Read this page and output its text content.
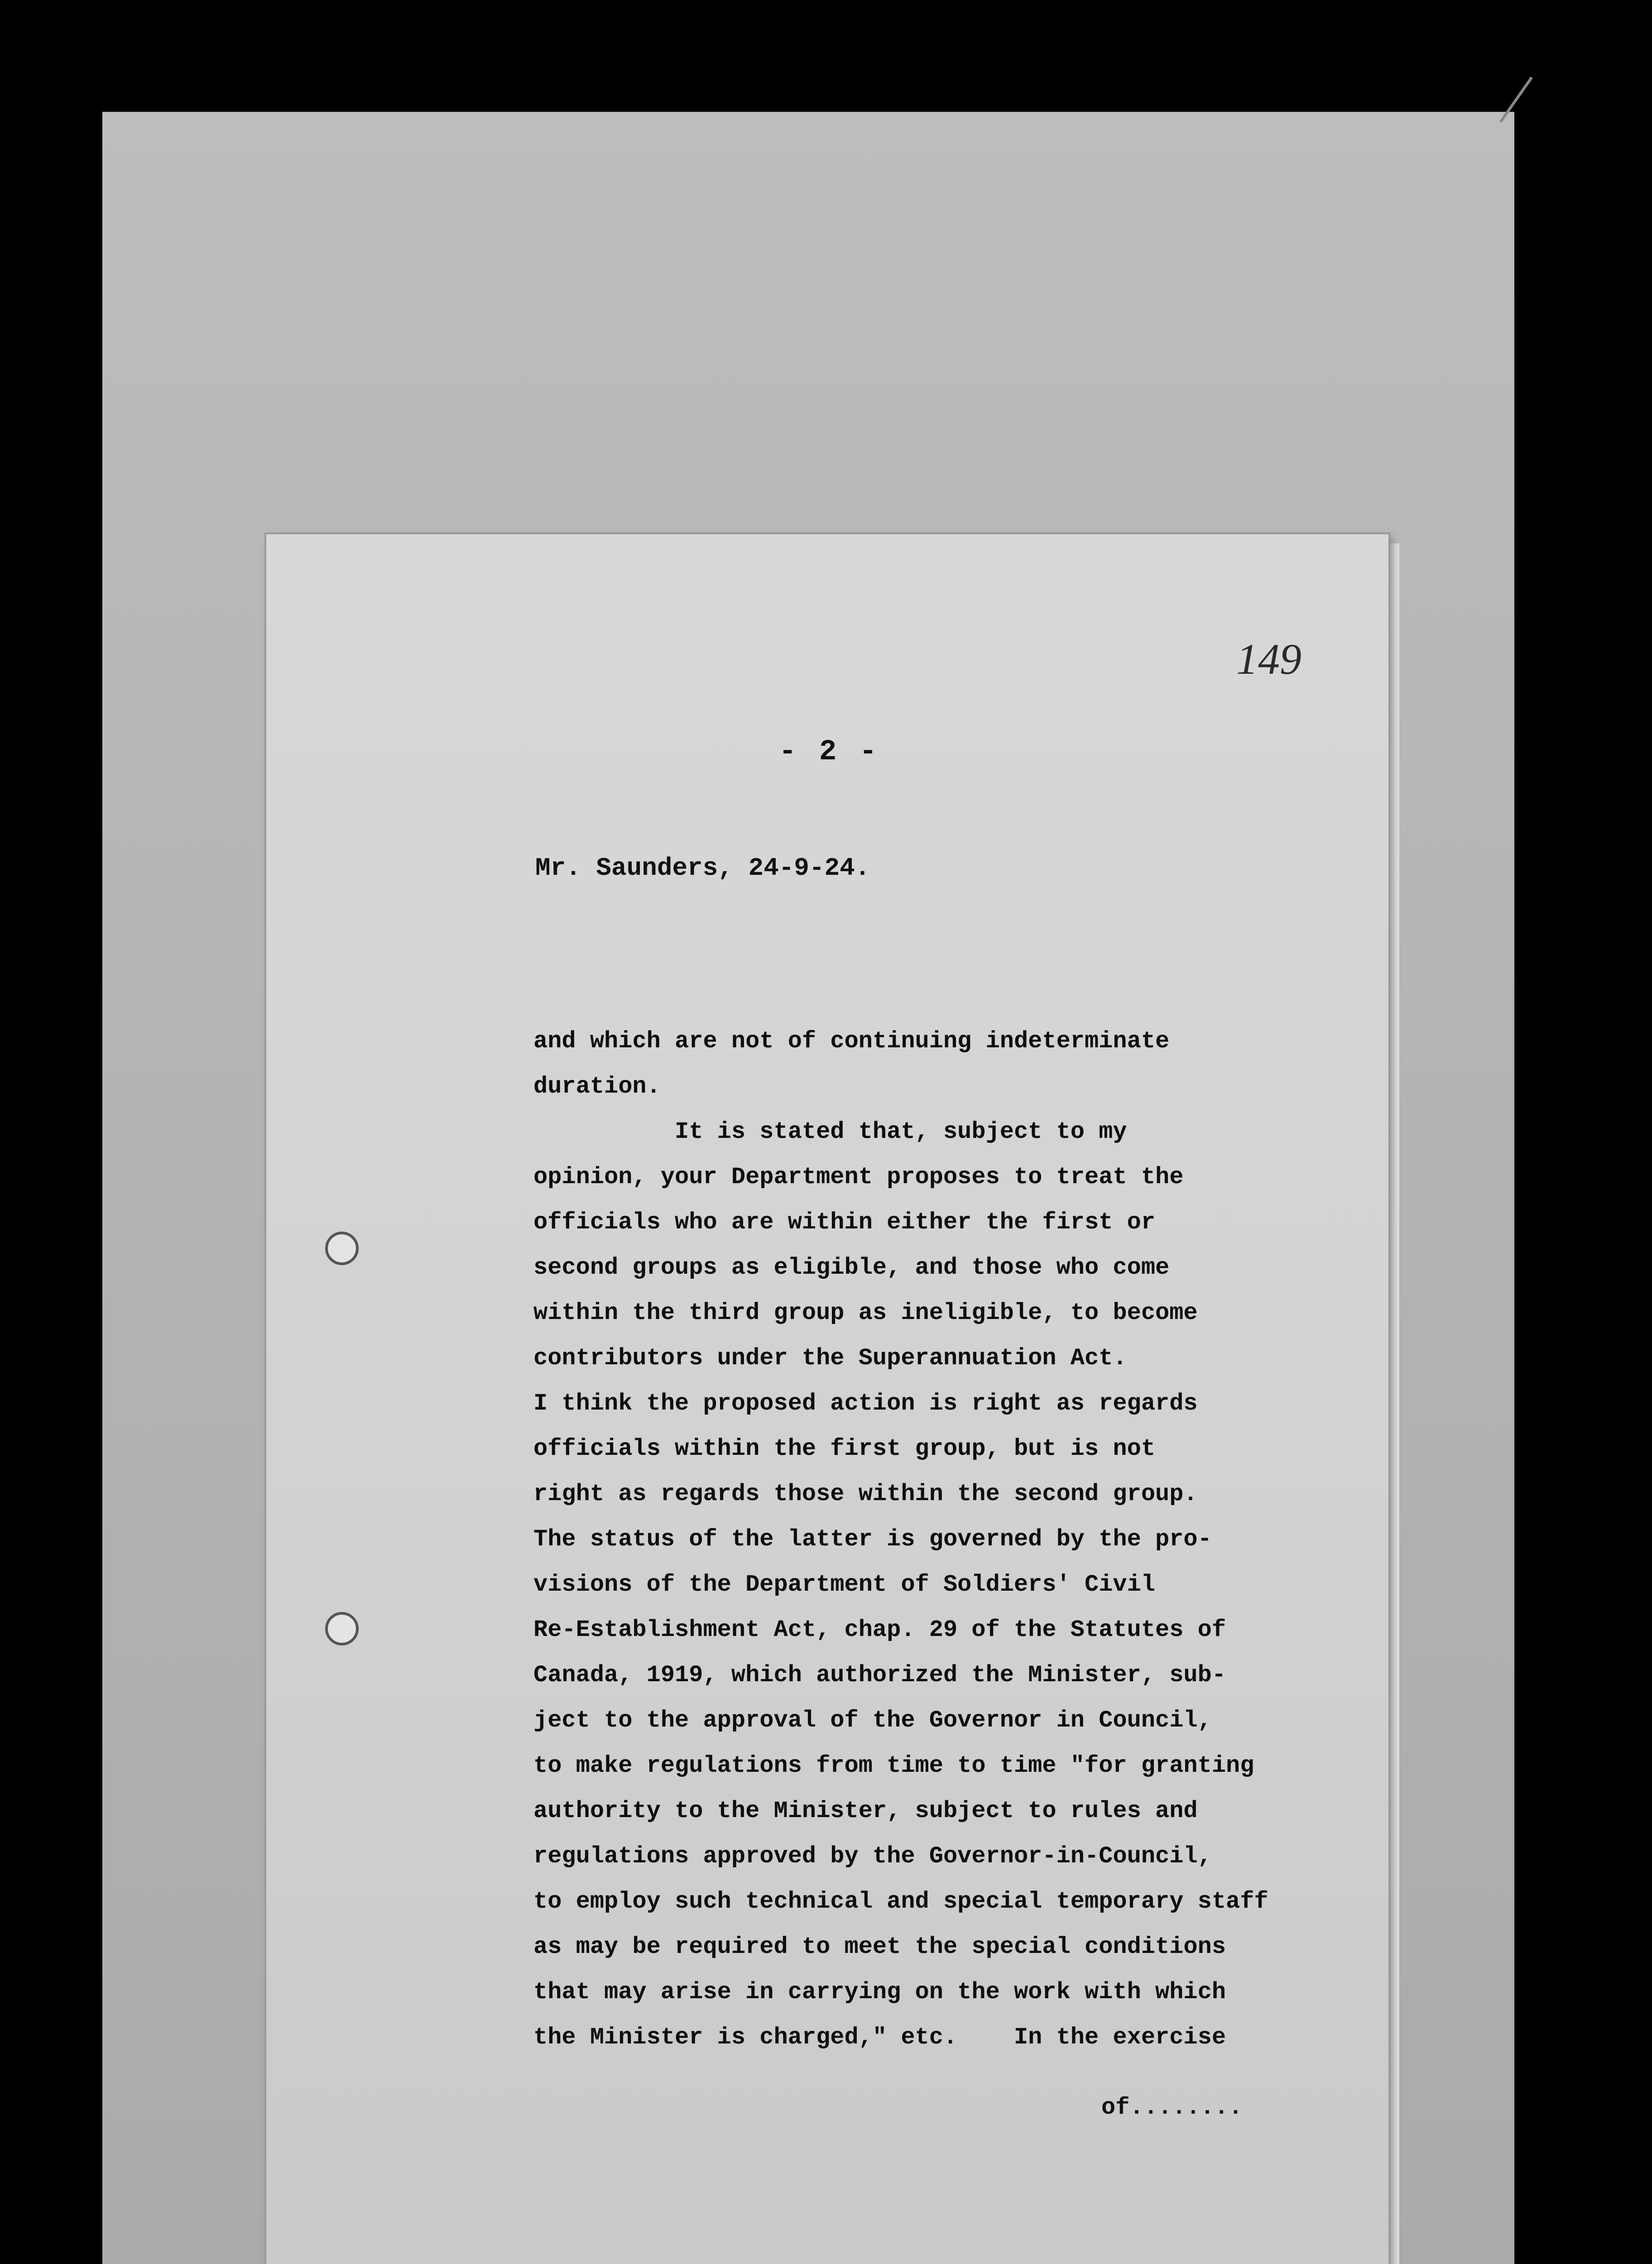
149
- 2 -
Mr. Saunders, 24-9-24.
and which are not of continuing indeterminate
duration.
It is stated that, subject to my
opinion, your Department proposes to treat the
officials who are within either the first or
second groups as eligible, and those who come
within the third group as ineligible, to become
contributors under the Superannuation Act.
I think the proposed action is right as regards
officials within the first group, but is not
right as regards those within the second group.
The status of the latter is governed by the pro-
visions of the Department of Soldiers' Civil
Re-Establishment Act, chap. 29 of the Statutes of
Canada, 1919, which authorized the Minister, sub-
ject to the approval of the Governor in Council,
to make regulations from time to time "for granting
authority to the Minister, subject to rules and
regulations approved by the Governor-in-Council,
to employ such technical and special temporary staff
as may be required to meet the special conditions
that may arise in carrying on the work with which
the Minister is charged," etc.    In the exercise
of........
